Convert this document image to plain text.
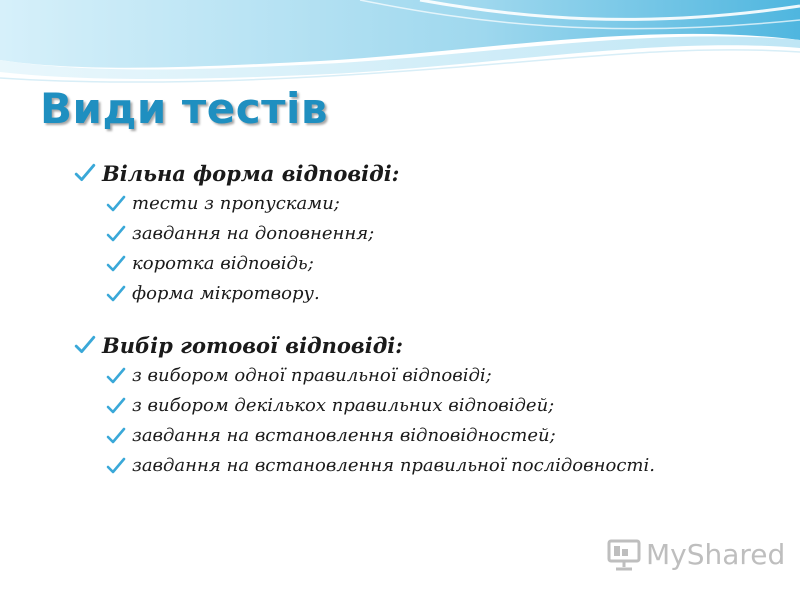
Види тестів
Вільна форма відповіді:
тести з пропусками;
завдання на доповнення;
коротка відповідь;
форма мікротвору.
Вибір готової відповіді:
з вибором одної правильної відповіді;
з вибором декількох правильних відповідей;
завдання на встановлення відповідностей;
завдання на встановлення правильної послідовності.
MyShared
